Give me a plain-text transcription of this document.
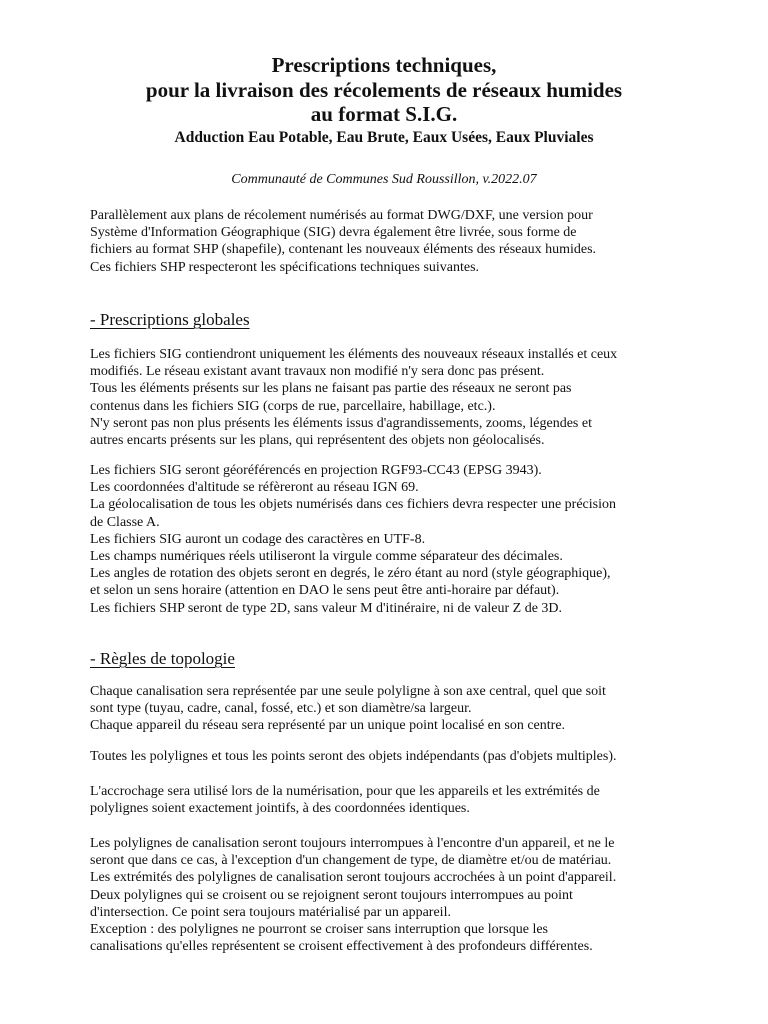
Prescriptions techniques,
pour la livraison des récolements de réseaux humides
au format S.I.G.
Adduction Eau Potable, Eau Brute, Eaux Usées, Eaux Pluviales
Communauté de Communes Sud Roussillon, v.2022.07

Parallèlement aux plans de récolement numérisés au format DWG/DXF, une version pour

Système d'Information Géographique (SIG) devra également être livrée, sous forme de

fichiers au format SHP (shapefile), contenant les nouveaux éléments des réseaux humides.

Ces fichiers SHP respecteront les spécifications techniques suivantes.

- Prescriptions globales

Les fichiers SIG contiendront uniquement les éléments des nouveaux réseaux installés et ceux

modifiés. Le réseau existant avant travaux non modifié n'y sera donc pas présent.

Tous les éléments présents sur les plans ne faisant pas partie des réseaux ne seront pas

contenus dans les fichiers SIG (corps de rue, parcellaire, habillage, etc.).

N'y seront pas non plus présents les éléments issus d'agrandissements, zooms, légendes et

autres encarts présents sur les plans, qui représentent des objets non géolocalisés.

Les fichiers SIG seront géoréférencés en projection RGF93-CC43 (EPSG 3943).

Les coordonnées d'altitude se réfèreront au réseau IGN 69.

La géolocalisation de tous les objets numérisés dans ces fichiers devra respecter une précision

de Classe A.

Les fichiers SIG auront un codage des caractères en UTF-8.

Les champs numériques réels utiliseront la virgule comme séparateur des décimales.

Les angles de rotation des objets seront en degrés, le zéro étant au nord (style géographique),

et selon un sens horaire (attention en DAO le sens peut être anti-horaire par défaut).

Les fichiers SHP seront de type 2D, sans valeur M d'itinéraire, ni de valeur Z de 3D.

- Règles de topologie

Chaque canalisation sera représentée par une seule polyligne à son axe central, quel que soit

sont type (tuyau, cadre, canal, fossé, etc.) et son diamètre/sa largeur.

Chaque appareil du réseau sera représenté par un unique point localisé en son centre.

Toutes les polylignes et tous les points seront des objets indépendants (pas d'objets multiples).

L'accrochage sera utilisé lors de la numérisation, pour que les appareils et les extrémités de

polylignes soient exactement jointifs, à des coordonnées identiques.

Les polylignes de canalisation seront toujours interrompues à l'encontre d'un appareil, et ne le

seront que dans ce cas, à l'exception d'un changement de type, de diamètre et/ou de matériau.

Les extrémités des polylignes de canalisation seront toujours accrochées à un point d'appareil.

Deux polylignes qui se croisent ou se rejoignent seront toujours interrompues au point

d'intersection. Ce point sera toujours matérialisé par un appareil.

Exception : des polylignes ne pourront se croiser sans interruption que lorsque les

canalisations qu'elles représentent se croisent effectivement à des profondeurs différentes.
